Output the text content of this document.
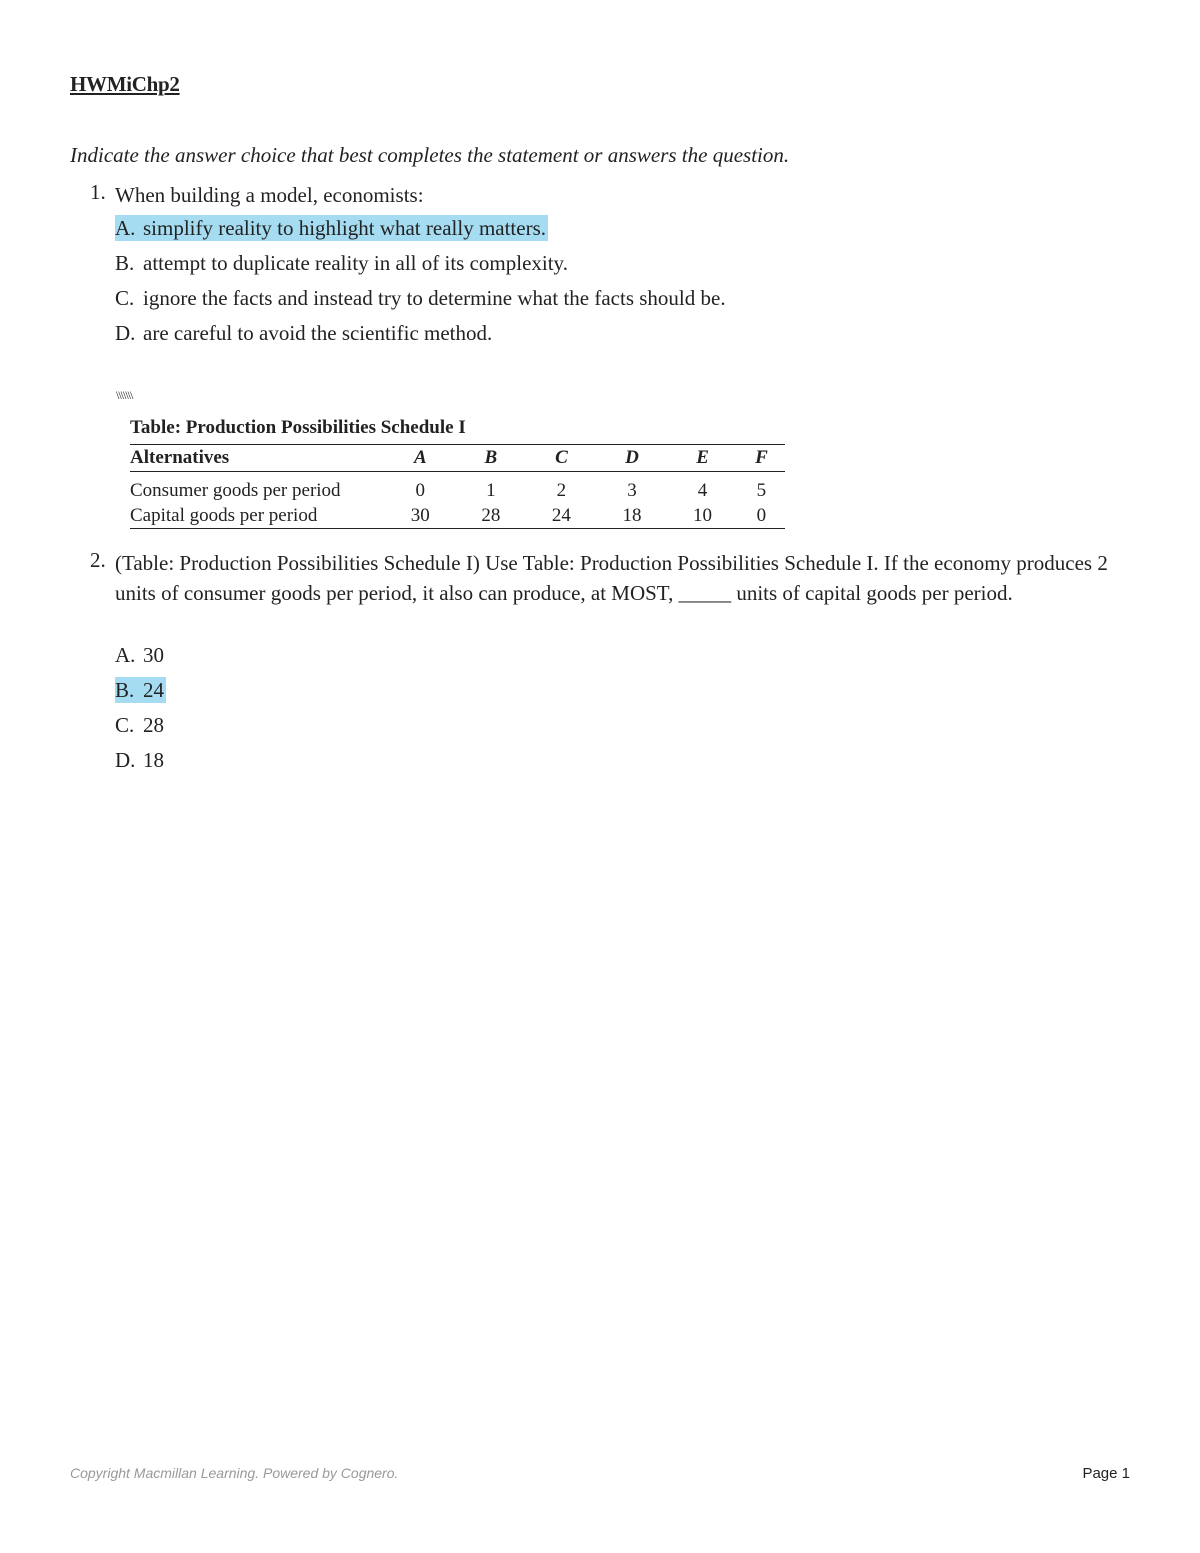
HWMiChp2
Indicate the answer choice that best completes the statement or answers the question.
1. When building a model, economists:
A. simplify reality to highlight what really matters.
B. attempt to duplicate reality in all of its complexity.
C. ignore the facts and instead try to determine what the facts should be.
D. are careful to avoid the scientific method.
\\\\\\\
Table: Production Possibilities Schedule I
Alternatives	A	B	C	D	E	F
Consumer goods per period	0	1	2	3	4	5
Capital goods per period	30	28	24	18	10	0
2. (Table: Production Possibilities Schedule I) Use Table: Production Possibilities Schedule I. If the economy produces 2 units of consumer goods per period, it also can produce, at MOST, _____ units of capital goods per period.
A. 30
B. 24
C. 28
D. 18
Copyright Macmillan Learning. Powered by Cognero.	Page 1
